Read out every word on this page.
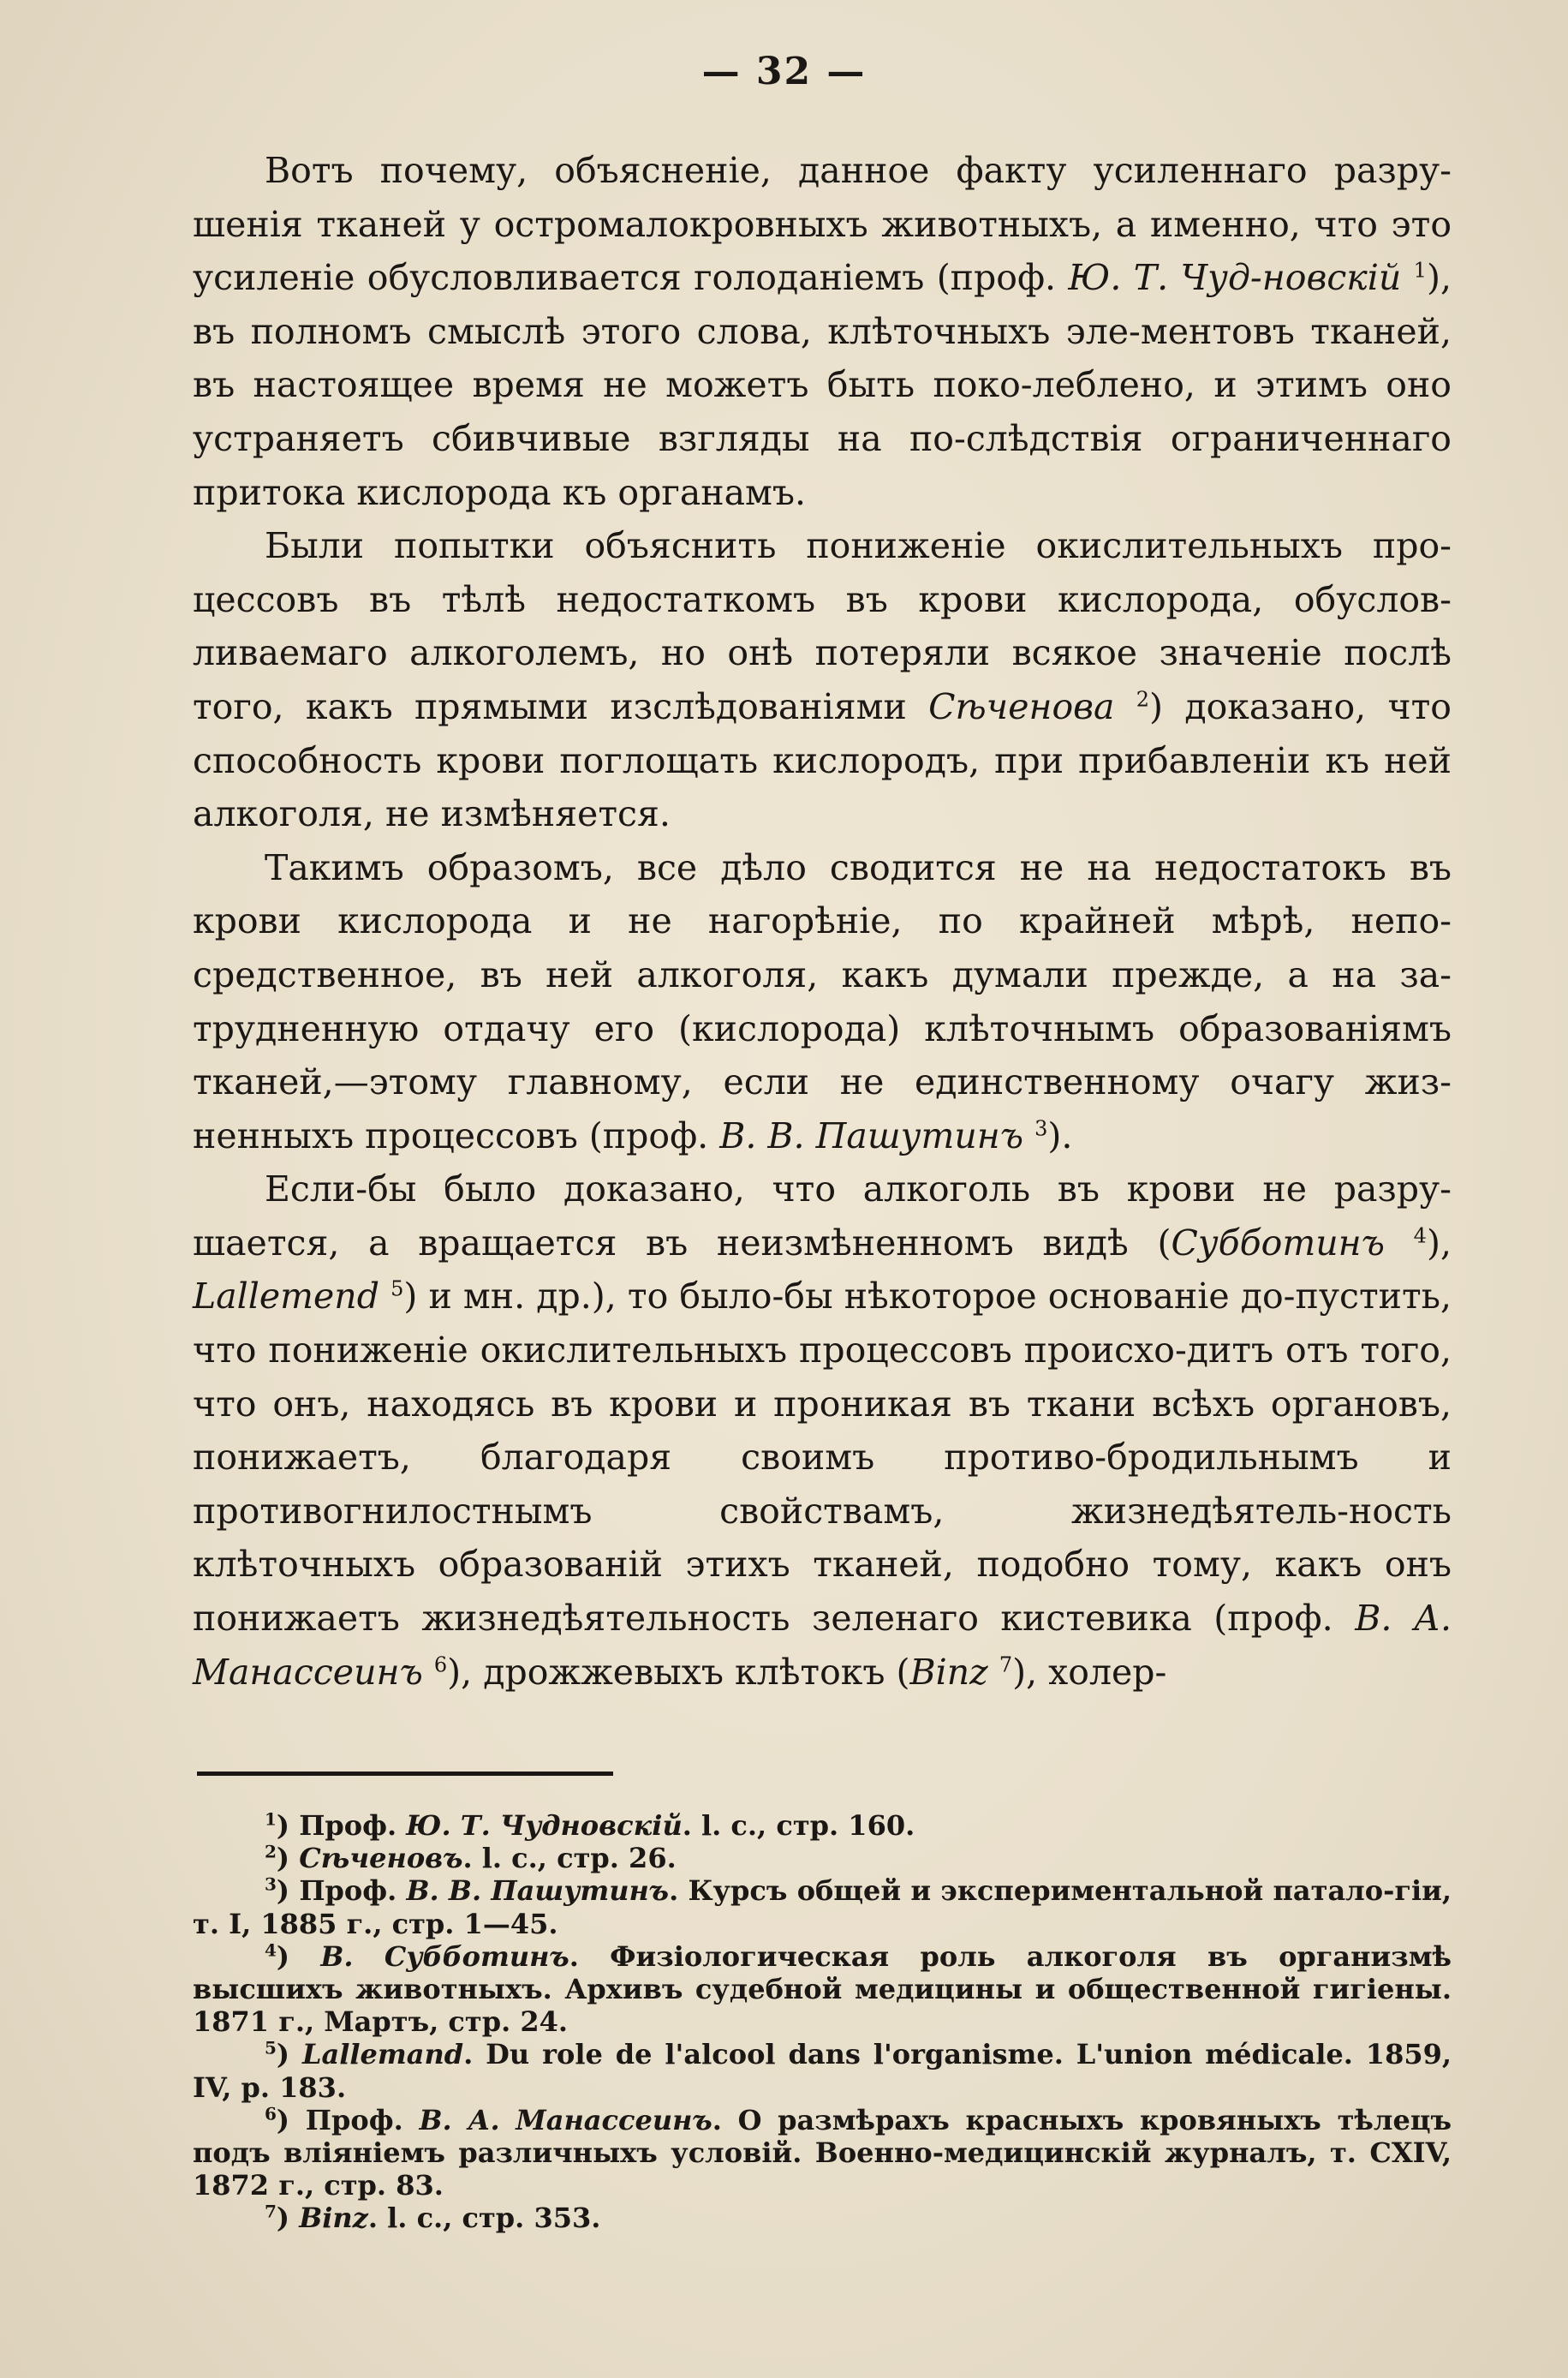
— 32 —

Вотъ почему, объясненіе, данное факту усиленнаго разру-шенія тканей у остромалокровныхъ животныхъ, а именно, что это усиленіе обусловливается голоданіемъ (проф. Ю. Т. Чуд-новскій $^1$), въ полномъ смыслѣ этого слова, клѣточныхъ эле-ментовъ тканей, въ настоящее время не можетъ быть поко-леблено, и этимъ оно устраняетъ сбивчивые взгляды на по-слѣдствія ограниченнаго притока кислорода къ органамъ.

Были попытки объяснить пониженіе окислительныхъ про-цессовъ въ тѣлѣ недостаткомъ въ крови кислорода, обуслов-ливаемаго алкоголемъ, но онѣ потеряли всякое значеніе послѣ того, какъ прямыми изслѣдованіями Сѣченова $^2$) доказано, что способность крови поглощать кислородъ, при прибавленіи къ ней алкоголя, не измѣняется.

Такимъ образомъ, все дѣло сводится не на недостатокъ въ крови кислорода и не нагорѣніе, по крайней мѣрѣ, непо-средственное, въ ней алкоголя, какъ думали прежде, а на за-трудненную отдачу его (кислорода) клѣточнымъ образованіямъ тканей,—этому главному, если не единственному очагу жиз-ненныхъ процессовъ (проф. В. В. Пашутинъ $^3$).

Если-бы было доказано, что алкоголь въ крови не разру-шается, а вращается въ неизмѣненномъ видѣ (Субботинъ $^4$), Lallemend $^5$) и мн. др.), то было-бы нѣкоторое основаніе до-пустить, что пониженіе окислительныхъ процессовъ происхо-дитъ отъ того, что онъ, находясь въ крови и проникая въ ткани всѣхъ органовъ, понижаетъ, благодаря своимъ противо-бродильнымъ и противогнилостнымъ свойствамъ, жизнедѣятель-ность клѣточныхъ образованій этихъ тканей, подобно тому, какъ онъ понижаетъ жизнедѣятельность зеленаго кистевика (проф. В. А. Манассеинъ $^6$), дрожжевыхъ клѣтокъ (Binz $^7$), холер-

$^1$) Проф. Ю. Т. Чудновскій. l. c., стр. 160.

$^2$) Сѣченовъ. l. c., стр. 26.

$^3$) Проф. В. В. Пашутинъ. Курсъ общей и экспериментальной патало-гіи, т. I, 1885 г., стр. 1—45.

$^4$) В. Субботинъ. Физіологическая роль алкоголя въ организмѣ высшихъ животныхъ. Архивъ судебной медицины и общественной гигіены. 1871 г., Мартъ, стр. 24.

$^5$) Lallemand. Du role de l'alcool dans l'organisme. L'union médicale. 1859, IV, p. 183.

$^6$) Проф. В. А. Манассеинъ. О размѣрахъ красныхъ кровяныхъ тѣлецъ подъ вліяніемъ различныхъ условій. Военно-медицинскій журналъ, т. CXIV, 1872 г., стр. 83.

$^7$) Binz. l. c., стр. 353.
